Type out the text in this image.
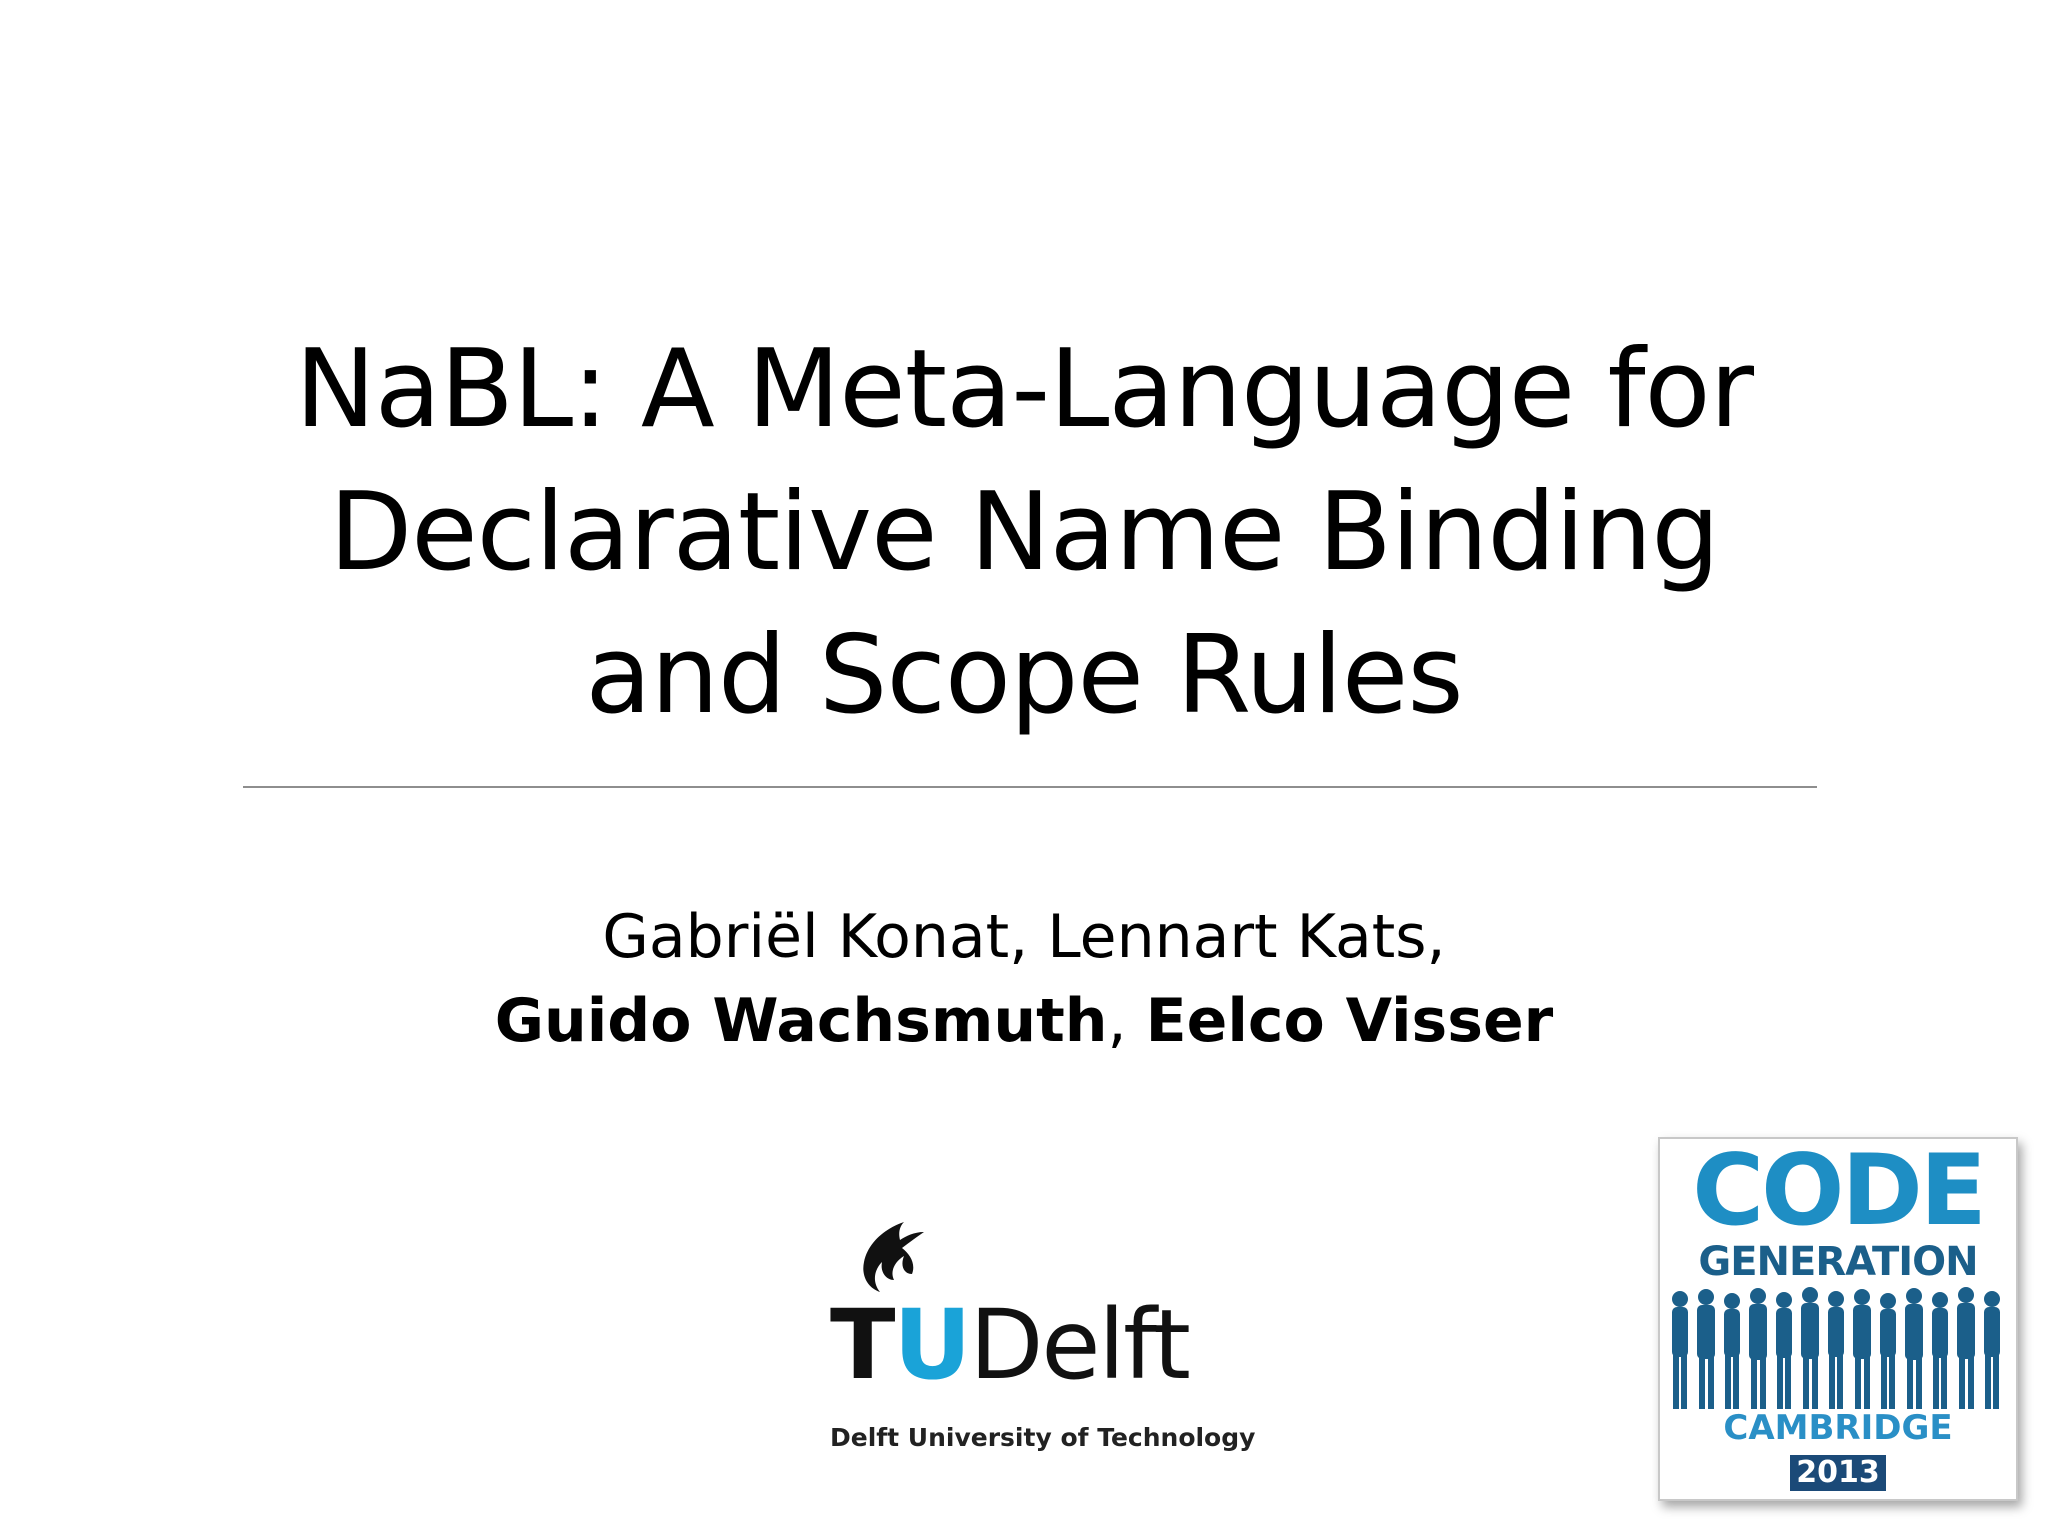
NaBL: A Meta-Language for
Declarative Name Binding
and Scope Rules
Gabriël Konat, Lennart Kats,
Guido Wachsmuth, Eelco Visser
TUDelft
Delft University of Technology
CODE
GENERATION
CAMBRIDGE
2013
